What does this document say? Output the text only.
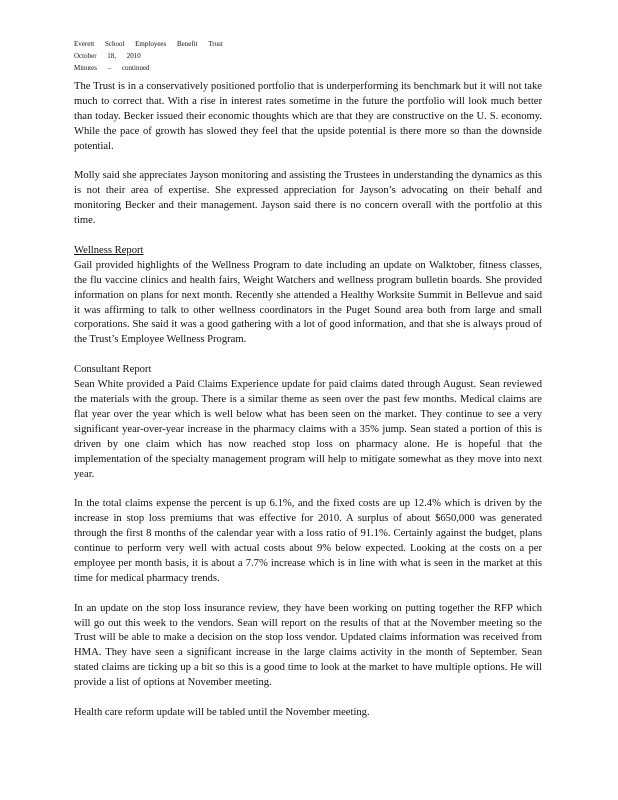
Everett School Employees Benefit Trust
October 18, 2010
Minutes – continued

The Trust is in a conservatively positioned portfolio that is underperforming its benchmark but it will not take much to correct that. With a rise in interest rates sometime in the future the portfolio will look much better than today. Becker issued their economic thoughts which are that they are constructive on the U. S. economy. While the pace of growth has slowed they feel that the upside potential is there more so than the downside potential.

Molly said she appreciates Jayson monitoring and assisting the Trustees in understanding the dynamics as this is not their area of expertise. She expressed appreciation for Jayson’s advocating on their behalf and monitoring Becker and their management. Jayson said there is no concern overall with the portfolio at this time.

Wellness Report

Gail provided highlights of the Wellness Program to date including an update on Walktober, fitness classes, the flu vaccine clinics and health fairs, Weight Watchers and wellness program bulletin boards. She provided information on plans for next month. Recently she attended a Healthy Worksite Summit in Bellevue and said it was affirming to talk to other wellness coordinators in the Puget Sound area both from large and small corporations. She said it was a good gathering with a lot of good information, and that she is always proud of the Trust’s Employee Wellness Program.

Consultant Report

Sean White provided a Paid Claims Experience update for paid claims dated through August. Sean reviewed the materials with the group. There is a similar theme as seen over the past few months. Medical claims are flat year over the year which is well below what has been seen on the market. They continue to see a very significant year-over-year increase in the pharmacy claims with a 35% jump. Sean stated a portion of this is driven by one claim which has now reached stop loss on pharmacy alone. He is hopeful that the implementation of the specialty management program will help to mitigate somewhat as they move into next year.

In the total claims expense the percent is up 6.1%, and the fixed costs are up 12.4% which is driven by the increase in stop loss premiums that was effective for 2010. A surplus of about $650,000 was generated through the first 8 months of the calendar year with a loss ratio of 91.1%. Certainly against the budget, plans continue to perform very well with actual costs about 9% below expected. Looking at the costs on a per employee per month basis, it is about a 7.7% increase which is in line with what is seen in the market at this time for medical pharmacy trends.

In an update on the stop loss insurance review, they have been working on putting together the RFP which will go out this week to the vendors. Sean will report on the results of that at the November meeting so the Trust will be able to make a decision on the stop loss vendor. Updated claims information was received from HMA. They have seen a significant increase in the large claims activity in the month of September. Sean stated claims are ticking up a bit so this is a good time to look at the market to have multiple options. He will provide a list of options at November meeting.

Health care reform update will be tabled until the November meeting.
